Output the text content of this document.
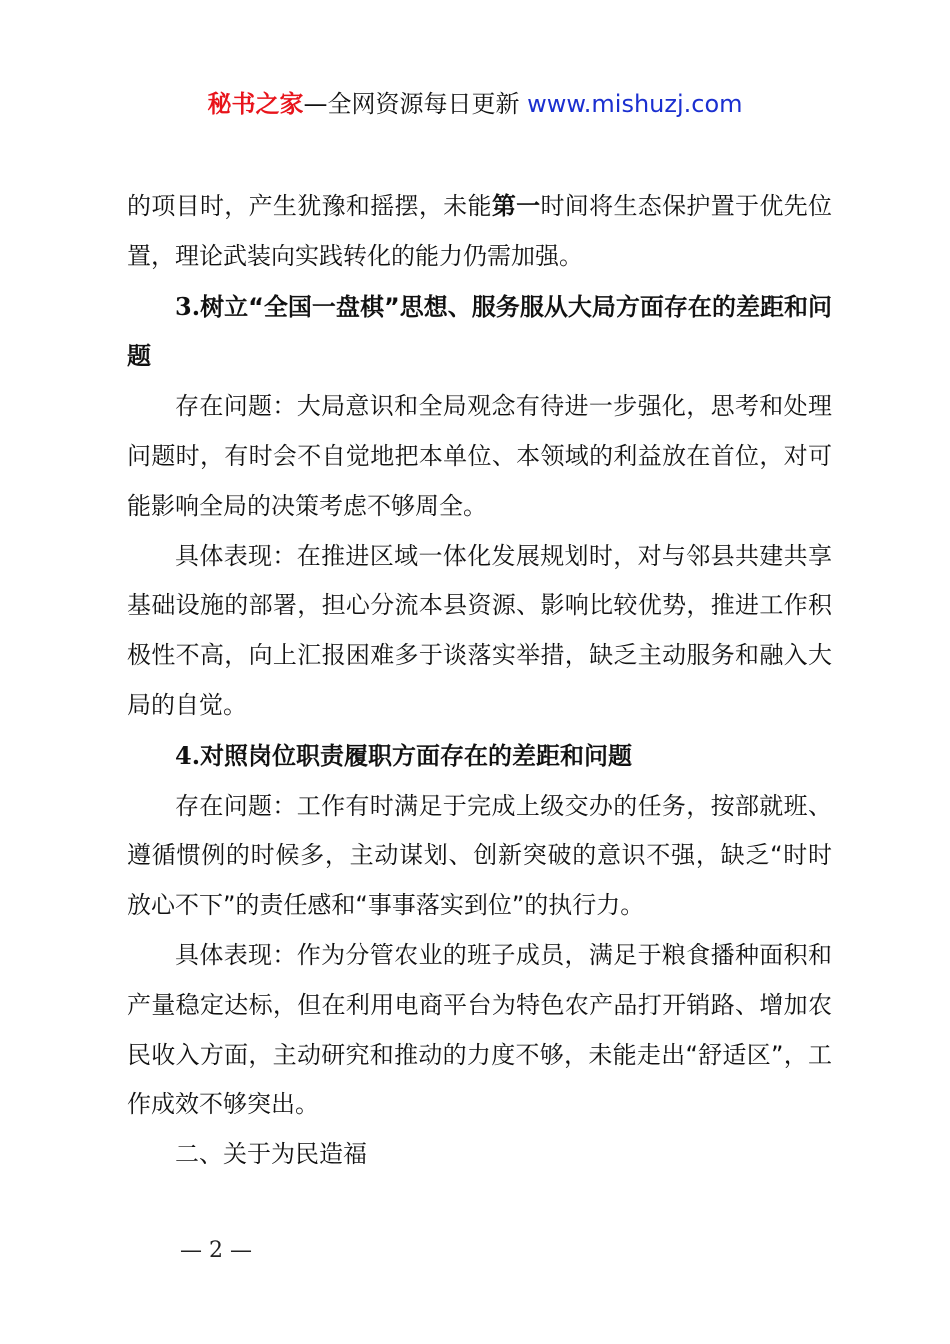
秘书之家—全网资源每日更新 www.mishuzj.com

的项目时，产生犹豫和摇摆，未能第一时间将生态保护置于优先位置，理论武装向实践转化的能力仍需加强。

3.树立“全国一盘棋”思想、服务服从大局方面存在的差距和问题

存在问题：大局意识和全局观念有待进一步强化，思考和处理问题时，有时会不自觉地把本单位、本领域的利益放在首位，对可能影响全局的决策考虑不够周全。

具体表现：在推进区域一体化发展规划时，对与邻县共建共享基础设施的部署，担心分流本县资源、影响比较优势，推进工作积极性不高，向上汇报困难多于谈落实举措，缺乏主动服务和融入大局的自觉。

4.对照岗位职责履职方面存在的差距和问题

存在问题：工作有时满足于完成上级交办的任务，按部就班、遵循惯例的时候多，主动谋划、创新突破的意识不强，缺乏“时时放心不下”的责任感和“事事落实到位”的执行力。

具体表现：作为分管农业的班子成员，满足于粮食播种面积和产量稳定达标，但在利用电商平台为特色农产品打开销路、增加农民收入方面，主动研究和推动的力度不够，未能走出“舒适区”，工作成效不够突出。

二、关于为民造福

— 2 —
